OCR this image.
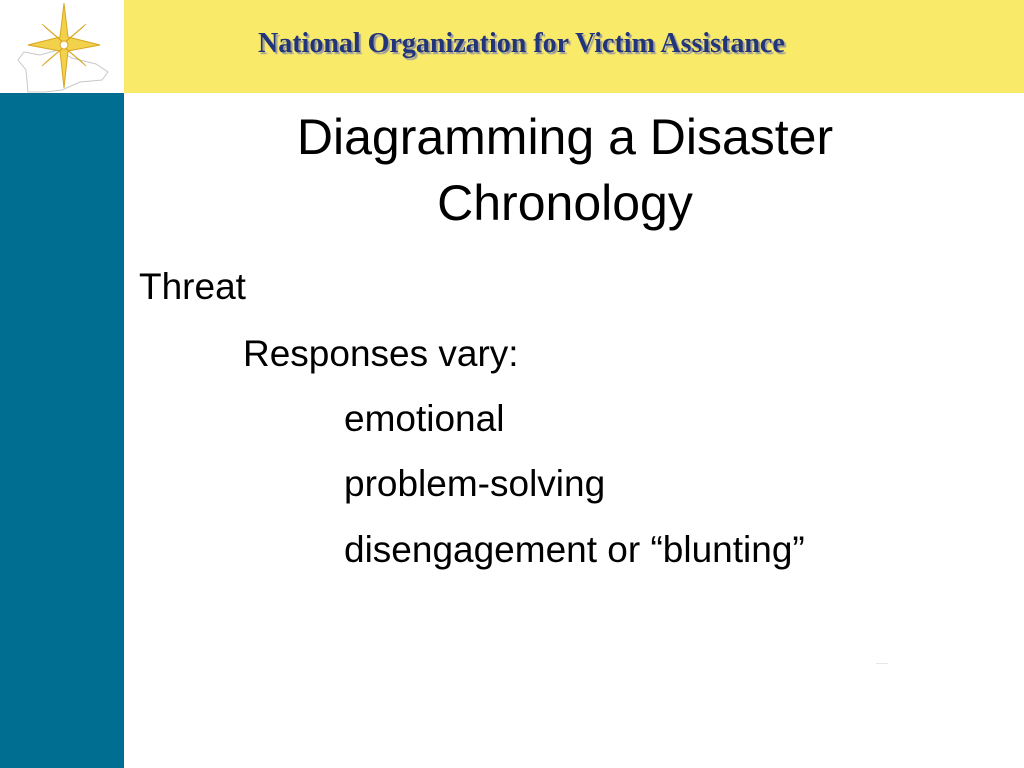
National Organization for Victim Assistance
Diagramming a Disaster
Chronology
Threat
Responses vary:
emotional
problem-solving
disengagement or “blunting”
